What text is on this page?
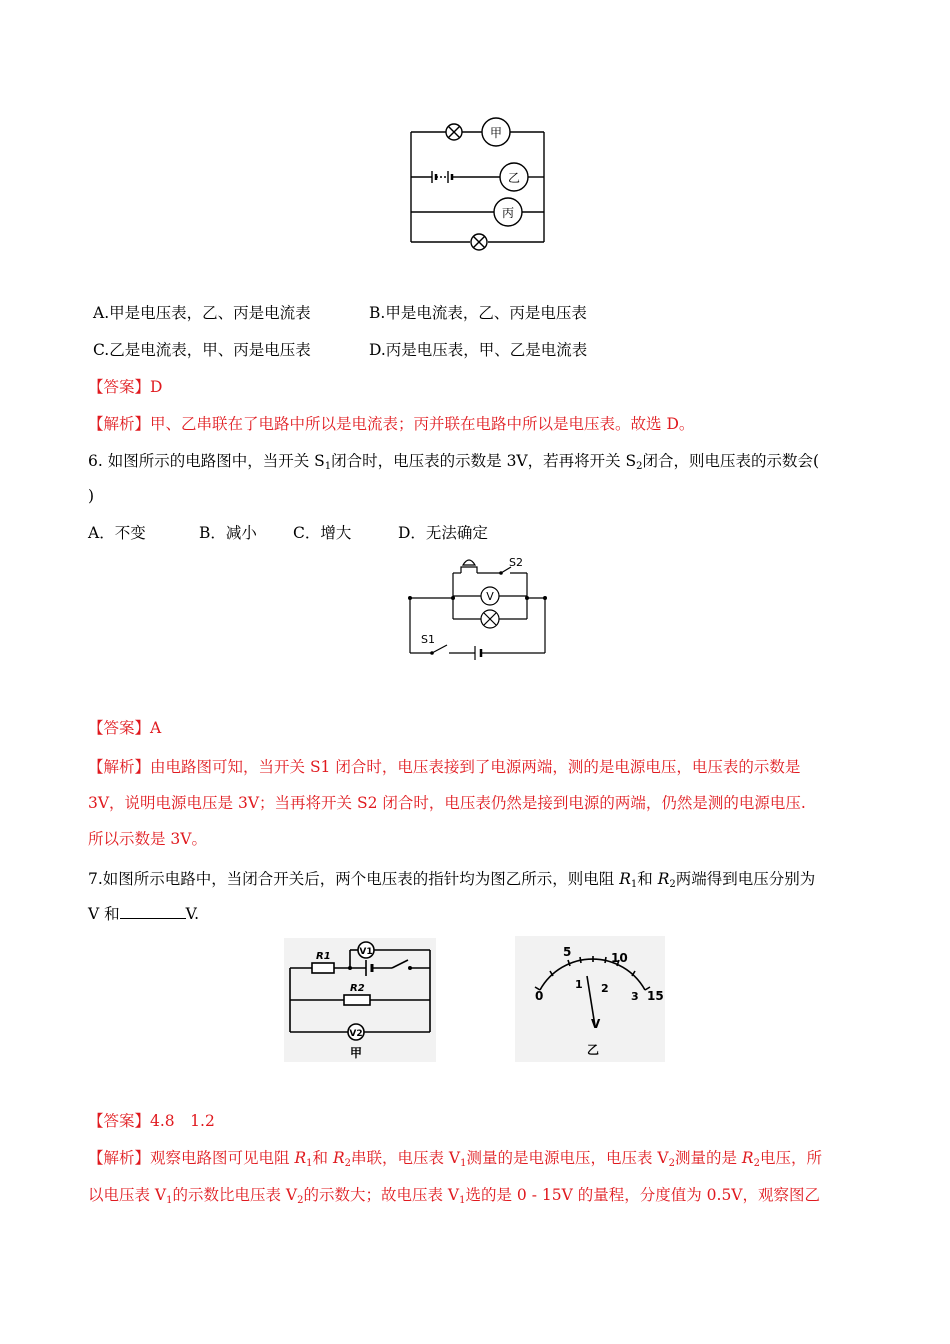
甲
乙
丙
A.甲是电压表，乙、丙是电流表	B.甲是电流表，乙、丙是电压表
C.乙是电流表，甲、丙是电压表	D.丙是电压表，甲、乙是电流表
【答案】D
【解析】甲、乙串联在了电路中所以是电流表；丙并联在电路中所以是电压表。故选 D。
6. 如图所示的电路图中，当开关 $S_1$闭合时，电压表的示数是 3V，若再将开关 $S_2$闭合，则电压表的示数会(
)
A．不变	B．减小 C．增大	D．无法确定
V
S2
S1
【答案】A
【解析】由电路图可知，当开关 S1 闭合时，电压表接到了电源两端，测的是电源电压，电压表的示数是
3V，说明电源电压是 3V；当再将开关 S2 闭合时，电压表仍然是接到电源的两端，仍然是测的电源电压.
所以示数是 3V。
7.如图所示电路中，当闭合开关后，两个电压表的指针均为图乙所示，则电阻 $R_1$和 $R_2$两端得到电压分别为
V 和	V.
R1
R2
V1
V2
甲
0
5	10
15
1 2
3
V
乙
【答案】4.8　1.2
【解析】观察电路图可见电阻 $R_1$和 $R_2$串联，电压表 $V_1$测量的是电源电压，电压表 $V_2$测量的是 $R_2$电压，所
以电压表 $V_1$的示数比电压表 $V_2$的示数大；故电压表 $V_1$选的是 0 - 15V 的量程，分度值为 0.5V，观察图乙
